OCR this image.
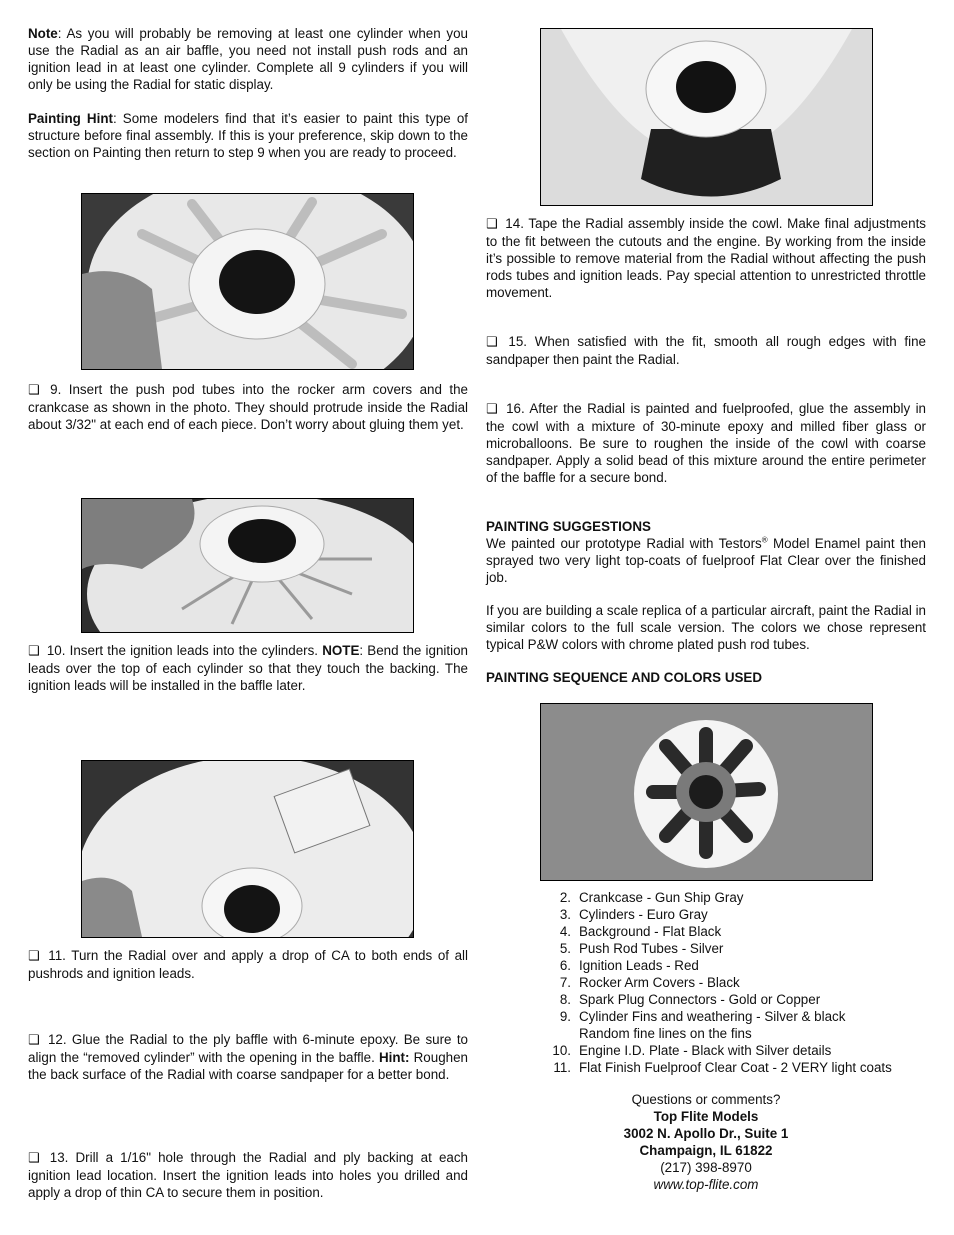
Note: As you will probably be removing at least one cylinder when you use the Radial as an air baffle, you need not install push rods and an ignition lead in at least one cylinder. Complete all 9 cylinders if you will only be using the Radial for static display.

Painting Hint: Some modelers find that it’s easier to paint this type of structure before final assembly. If this is your preference, skip down to the section on Painting then return to step 9 when you are ready to proceed.

❑ 9. Insert the push pod tubes into the rocker arm covers and the crankcase as shown in the photo. They should protrude inside the Radial about 3/32" at each end of each piece. Don’t worry about gluing them yet.

❑ 10. Insert the ignition leads into the cylinders. NOTE: Bend the ignition leads over the top of each cylinder so that they touch the backing. The ignition leads will be installed in the baffle later.

❑ 11. Turn the Radial over and apply a drop of CA to both ends of all pushrods and ignition leads.

❑ 12. Glue the Radial to the ply baffle with 6-minute epoxy. Be sure to align the “removed cylinder” with the opening in the baffle. Hint: Roughen the back surface of the Radial with coarse sandpaper for a better bond.

❑ 13. Drill a 1/16" hole through the Radial and ply backing at each ignition lead location. Insert the ignition leads into holes you drilled and apply a drop of thin CA to secure them in position.

❑ 14. Tape the Radial assembly inside the cowl. Make final adjustments to the fit between the cutouts and the engine. By working from the inside it’s possible to remove material from the Radial without affecting the push rods tubes and ignition leads. Pay special attention to unrestricted throttle movement.

❑ 15. When satisfied with the fit, smooth all rough edges with fine sandpaper then paint the Radial.

❑ 16. After the Radial is painted and fuelproofed, glue the assembly in the cowl with a mixture of 30-minute epoxy and milled fiber glass or microballoons. Be sure to roughen the inside of the cowl with coarse sandpaper. Apply a solid bead of this mixture around the entire perimeter of the baffle for a secure bond.

PAINTING SUGGESTIONS

We painted our prototype Radial with Testors® Model Enamel paint then sprayed two very light top-coats of fuelproof Flat Clear over the finished job.

If you are building a scale replica of a particular aircraft, paint the Radial in similar colors to the full scale version. The colors we chose represent typical P&W colors with chrome plated push rod tubes.

PAINTING SEQUENCE AND COLORS USED

2. Crankcase - Gun Ship Gray
3. Cylinders - Euro Gray
4. Background - Flat Black
5. Push Rod Tubes - Silver
6. Ignition Leads - Red
7. Rocker Arm Covers - Black
8. Spark Plug Connectors - Gold or Copper
9. Cylinder Fins and weathering - Silver & black
Random fine lines on the fins
10. Engine I.D. Plate - Black with Silver details
11. Flat Finish Fuelproof Clear Coat - 2 VERY light coats
Questions or comments?
Top Flite Models
3002 N. Apollo Dr., Suite 1
Champaign, IL 61822
(217) 398-8970
www.top-flite.com
